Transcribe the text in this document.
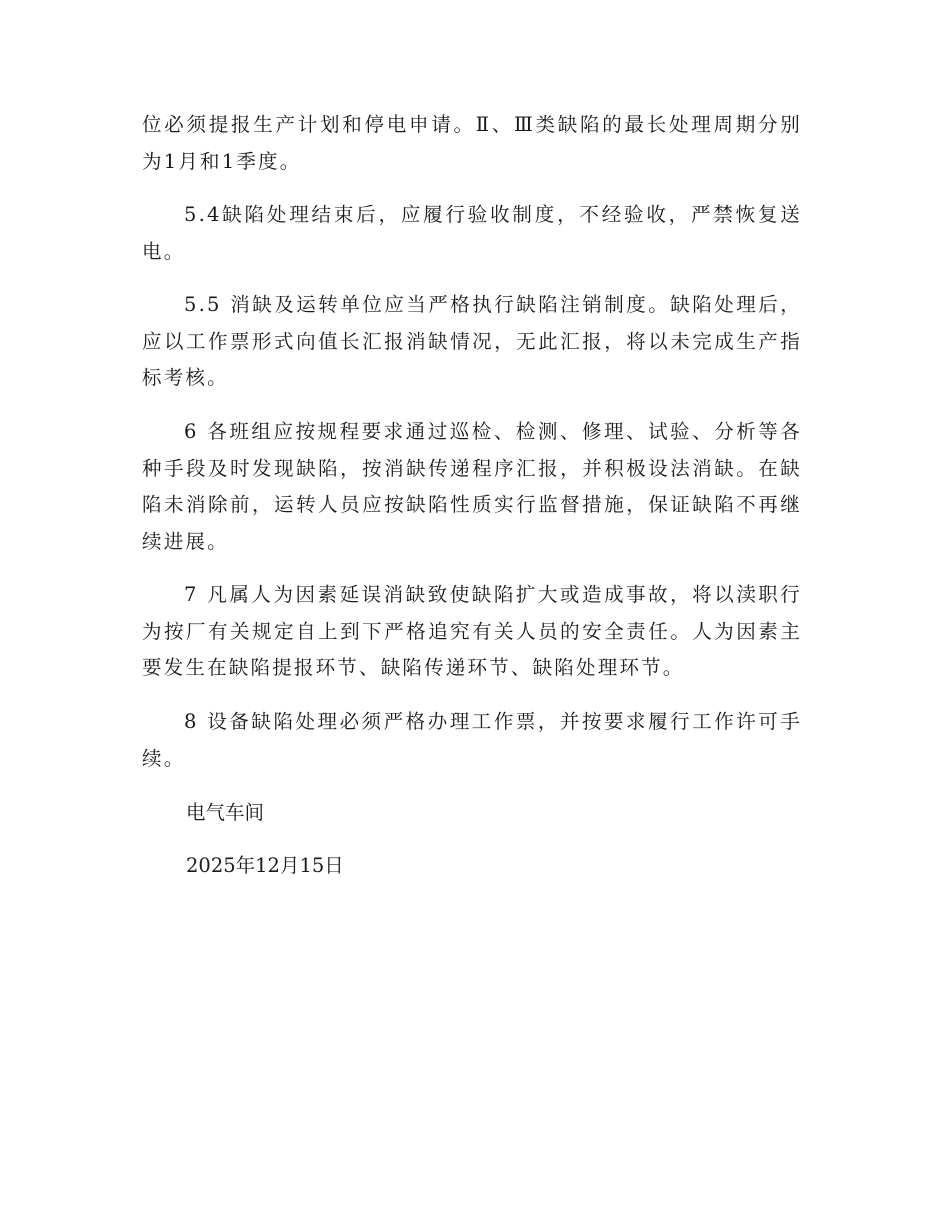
位必须提报生产计划和停电申请。Ⅱ、Ⅲ类缺陷的最长处理周期分别为1月和1季度。

5.4缺陷处理结束后，应履行验收制度，不经验收，严禁恢复送电。

5.5 消缺及运转单位应当严格执行缺陷注销制度。缺陷处理后，应以工作票形式向值长汇报消缺情况，无此汇报，将以未完成生产指标考核。

6 各班组应按规程要求通过巡检、检测、修理、试验、分析等各种手段及时发现缺陷，按消缺传递程序汇报，并积极设法消缺。在缺陷未消除前，运转人员应按缺陷性质实行监督措施，保证缺陷不再继续进展。

7 凡属人为因素延误消缺致使缺陷扩大或造成事故，将以渎职行为按厂有关规定自上到下严格追究有关人员的安全责任。人为因素主要发生在缺陷提报环节、缺陷传递环节、缺陷处理环节。

8 设备缺陷处理必须严格办理工作票，并按要求履行工作许可手续。

电气车间

2025年12月15日
